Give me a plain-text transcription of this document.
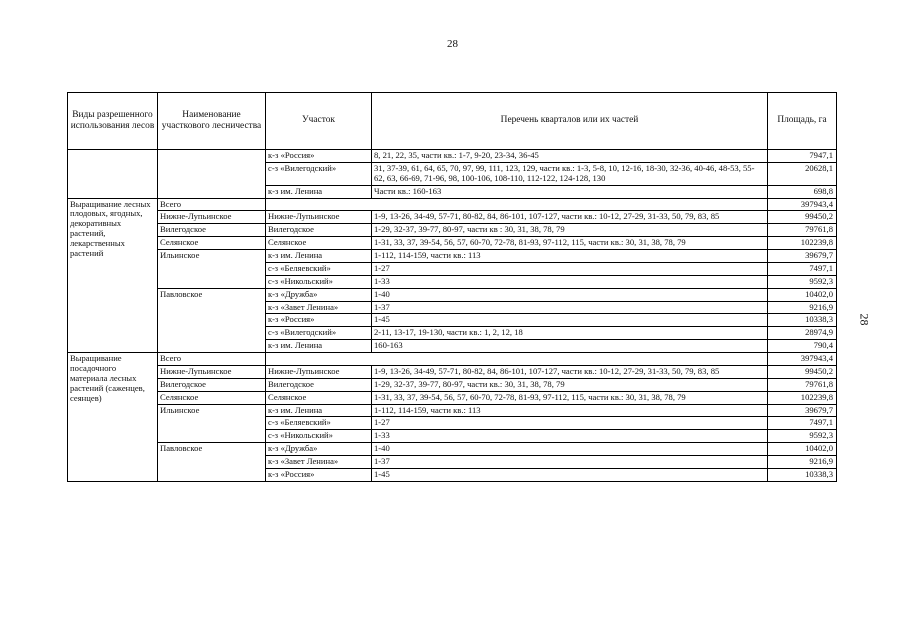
28
28
Виды разрешенного использования лесов	Наименование участкового лесничества	Участок	Перечень кварталов или их частей	Площадь, га
		к-з «Россия»	8, 21, 22, 35, части кв.: 1-7, 9-20, 23-34, 36-45	7947,1
		с-з «Вилегодский»	31, 37-39, 61, 64, 65, 70, 97, 99, 111, 123, 129, части кв.: 1-3, 5-8, 10, 12-16, 18-30, 32-36, 40-46, 48-53, 55-62, 63, 66-69, 71-96, 98, 100-106, 108-110, 112-122, 124-128, 130	20628,1
		к-з им. Ленина	Части кв.: 160-163	698,8
Выращивание лесных плодовых, ягодных, декоративных растений, лекарственных растений	Всего			397943,4
	Нижне-Лупьинское	Нижне-Лупьинское	1-9, 13-26, 34-49, 57-71, 80-82, 84, 86-101, 107-127, части кв.: 10-12, 27-29, 31-33, 50, 79, 83, 85	99450,2
	Вилегодское	Вилегодское	1-29, 32-37, 39-77, 80-97, части кв : 30, 31, 38, 78, 79	79761,8
	Селянское	Селянское	1-31, 33, 37, 39-54, 56, 57, 60-70, 72-78, 81-93, 97-112, 115, части кв.: 30, 31, 38, 78, 79	102239,8
	Ильинское	к-з им. Ленина	1-112, 114-159, части кв.: 113	39679,7
		с-з «Беляевский»	1-27	7497,1
		с-з «Никольский»	1-33	9592,3
	Павловское	к-з «Дружба»	1-40	10402,0
		к-з «Завет Ленина»	1-37	9216,9
		к-з «Россия»	1-45	10338,3
		с-з «Вилегодский»	2-11, 13-17, 19-130, части кв.: 1, 2, 12, 18	28974,9
		к-з им. Ленина	160-163	790,4
Выращивание посадочного материала лесных растений (саженцев, сеянцев)	Всего			397943,4
	Нижне-Лупьинское	Нижне-Лупьинское	1-9, 13-26, 34-49, 57-71, 80-82, 84, 86-101, 107-127, части кв.: 10-12, 27-29, 31-33, 50, 79, 83, 85	99450,2
	Вилегодское	Вилегодское	1-29, 32-37, 39-77, 80-97, части кв.: 30, 31, 38, 78, 79	79761,8
	Селянское	Селянское	1-31, 33, 37, 39-54, 56, 57, 60-70, 72-78, 81-93, 97-112, 115, части кв.: 30, 31, 38, 78, 79	102239,8
	Ильинское	к-з им. Ленина	1-112, 114-159, части кв.: 113	39679,7
		с-з «Беляевский»	1-27	7497,1
		с-з «Никольский»	1-33	9592,3
	Павловское	к-з «Дружба»	1-40	10402,0
		к-з «Завет Ленина»	1-37	9216,9
		к-з «Россия»	1-45	10338,3
